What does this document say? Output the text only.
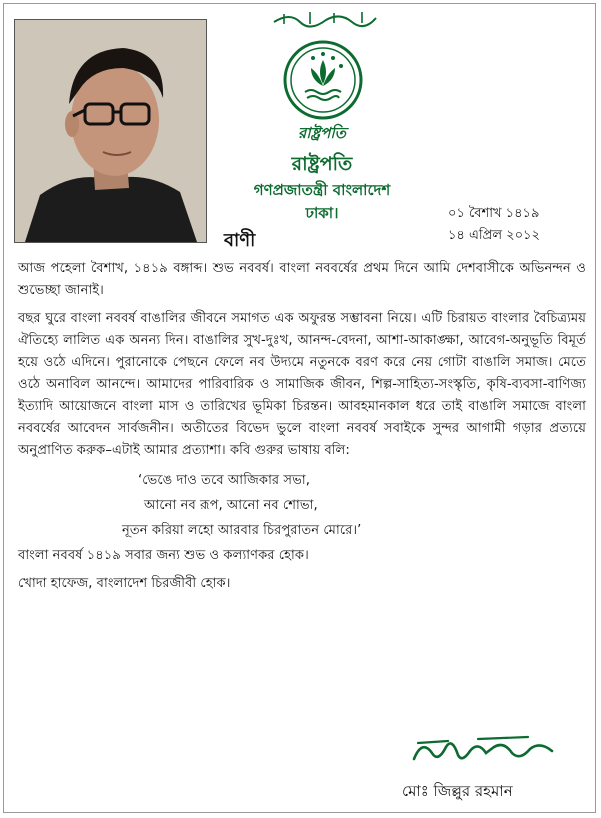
রাষ্ট্রপতি
রাষ্ট্রপতি
গণপ্রজাতন্ত্রী বাংলাদেশ
ঢাকা।	০১ বৈশাখ ১৪১৯
১৪ এপ্রিল ২০১২
বাণী

আজ পহেলা বৈশাখ, ১৪১৯ বঙ্গাব্দ। শুভ নববর্ষ। বাংলা নববর্ষের প্রথম দিনে আমি দেশবাসীকে অভিনন্দন ও শুভেচ্ছা জানাই।

বছর ঘুরে বাংলা নববর্ষ বাঙালির জীবনে সমাগত এক অফুরন্ত সম্ভাবনা নিয়ে। এটি চিরায়ত বাংলার বৈচিত্র্যময় ঐতিহ্যে লালিত এক অনন্য দিন। বাঙালির সুখ-দুঃখ, আনন্দ-বেদনা, আশা-আকাঙ্ক্ষা, আবেগ-অনুভূতি বিমূর্ত হয়ে ওঠে এদিনে। পুরানোকে পেছনে ফেলে নব উদ্যমে নতুনকে বরণ করে নেয় গোটা বাঙালি সমাজ। মেতে ওঠে অনাবিল আনন্দে। আমাদের পারিবারিক ও সামাজিক জীবন, শিল্প-সাহিত্য-সংস্কৃতি, কৃষি-ব্যবসা-বাণিজ্য ইত্যাদি আয়োজনে বাংলা মাস ও তারিখের ভূমিকা চিরন্তন। আবহমানকাল ধরে তাই বাঙালি সমাজে বাংলা নববর্ষের আবেদন সার্বজনীন। অতীতের বিভেদ ভুলে বাংলা নববর্ষ সবাইকে সুন্দর আগামী গড়ার প্রত্যয়ে অনুপ্রাণিত করুক–এটাই আমার প্রত্যাশা। কবি গুরুর ভাষায় বলি:

‘ভেঙে দাও তবে আজিকার সভা,
আনো নব রূপ, আনো নব শোভা,
নূতন করিয়া লহো আরবার চিরপুরাতন মোরে।’

বাংলা নববর্ষ ১৪১৯ সবার জন্য শুভ ও কল্যাণকর হোক।

খোদা হাফেজ, বাংলাদেশ চিরজীবী হোক।

মোঃ জিল্লুর রহমান
